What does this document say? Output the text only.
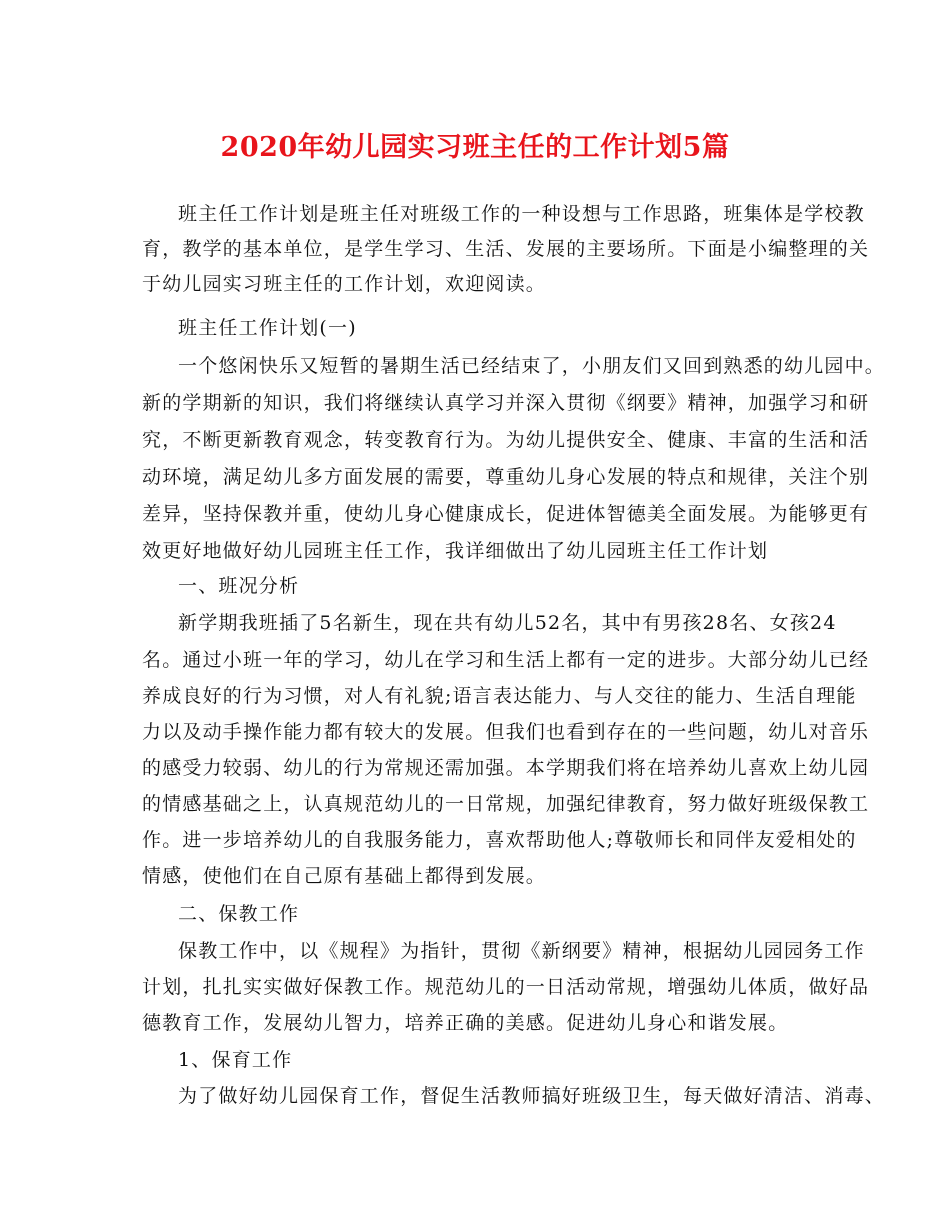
2020年幼儿园实习班主任的工作计划5篇
班主任工作计划是班主任对班级工作的一种设想与工作思路，班集体是学校教
育，教学的基本单位，是学生学习、生活、发展的主要场所。下面是小编整理的关
于幼儿园实习班主任的工作计划，欢迎阅读。
班主任工作计划(一)
一个悠闲快乐又短暂的暑期生活已经结束了，小朋友们又回到熟悉的幼儿园中。
新的学期新的知识，我们将继续认真学习并深入贯彻《纲要》精神，加强学习和研
究，不断更新教育观念，转变教育行为。为幼儿提供安全、健康、丰富的生活和活
动环境，满足幼儿多方面发展的需要，尊重幼儿身心发展的特点和规律，关注个别
差异，坚持保教并重，使幼儿身心健康成长，促进体智德美全面发展。为能够更有
效更好地做好幼儿园班主任工作，我详细做出了幼儿园班主任工作计划
一、班况分析
新学期我班插了5名新生，现在共有幼儿52名，其中有男孩28名、女孩24
名。通过小班一年的学习，幼儿在学习和生活上都有一定的进步。大部分幼儿已经
养成良好的行为习惯，对人有礼貌;语言表达能力、与人交往的能力、生活自理能
力以及动手操作能力都有较大的发展。但我们也看到存在的一些问题，幼儿对音乐
的感受力较弱、幼儿的行为常规还需加强。本学期我们将在培养幼儿喜欢上幼儿园
的情感基础之上，认真规范幼儿的一日常规，加强纪律教育，努力做好班级保教工
作。进一步培养幼儿的自我服务能力，喜欢帮助他人;尊敬师长和同伴友爱相处的
情感，使他们在自己原有基础上都得到发展。
二、保教工作
保教工作中，以《规程》为指针，贯彻《新纲要》精神，根据幼儿园园务工作
计划，扎扎实实做好保教工作。规范幼儿的一日活动常规，增强幼儿体质，做好品
德教育工作，发展幼儿智力，培养正确的美感。促进幼儿身心和谐发展。
1、保育工作
为了做好幼儿园保育工作，督促生活教师搞好班级卫生，每天做好清洁、消毒、
